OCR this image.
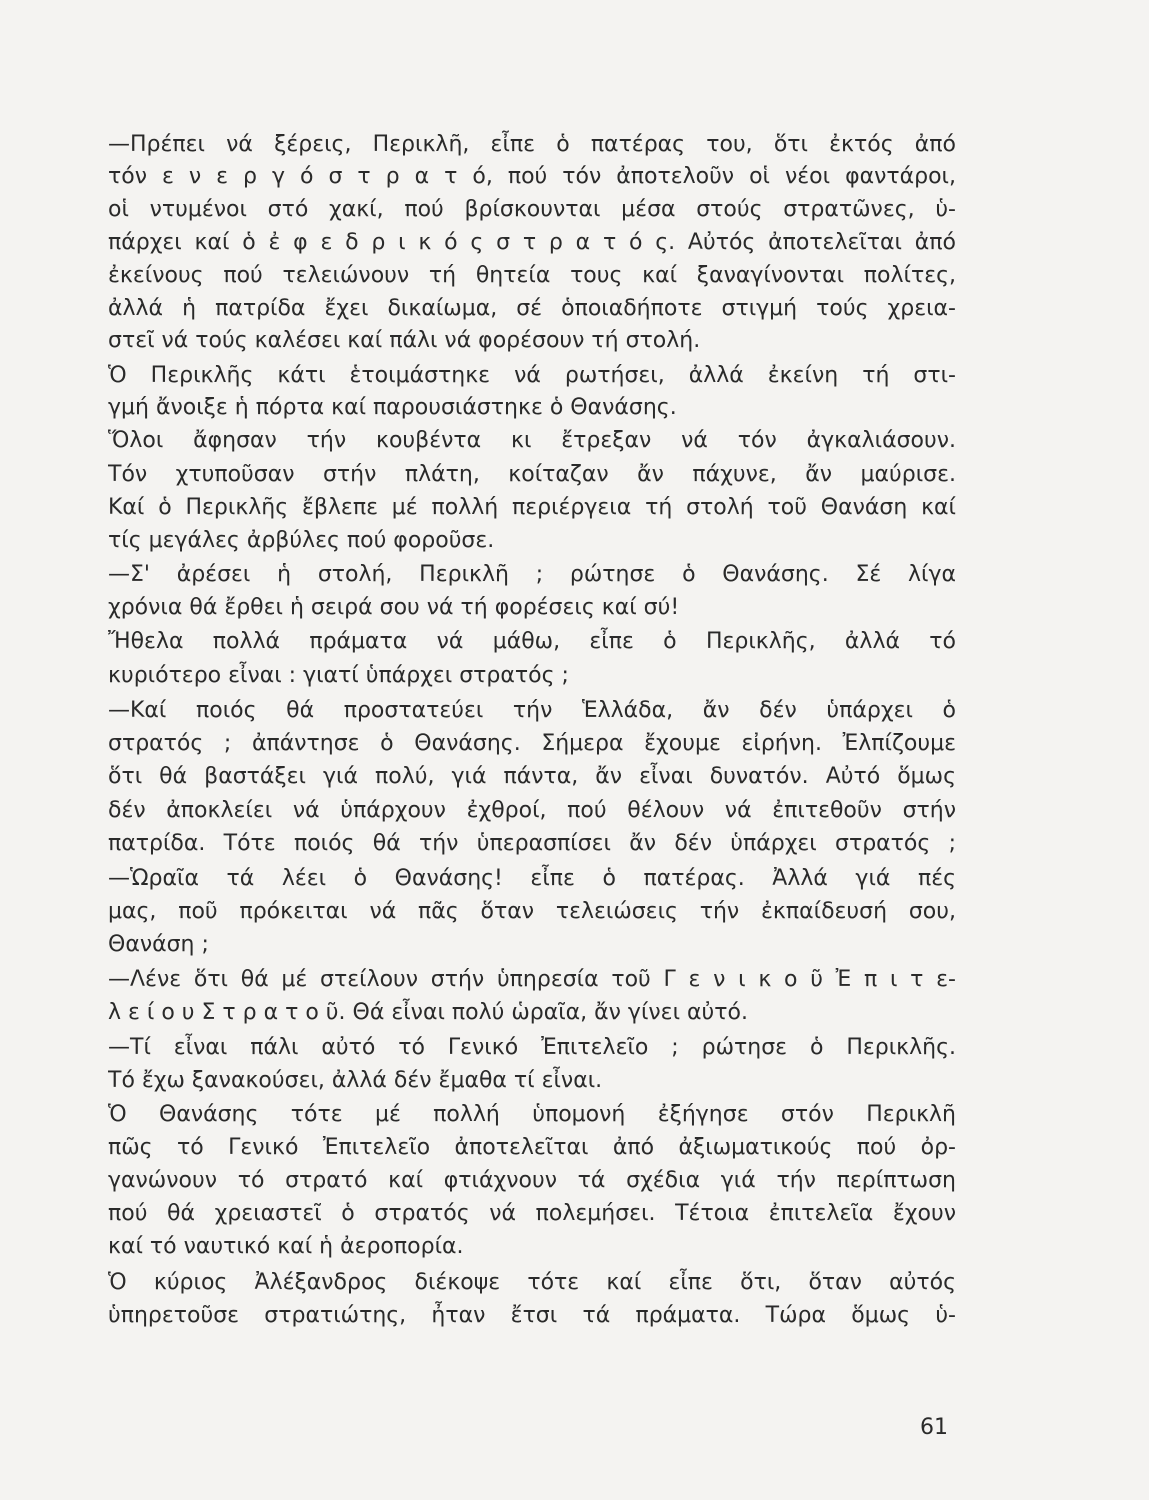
—Πρέπει νά ξέρεις, Περικλῆ, εἶπε ὁ πατέρας του, ὅτι ἐκτός ἀπό
τόν ε ν ε ρ γ ό σ τ ρ α τ ό, πού τόν ἀποτελοῦν οἱ νέοι φαντάροι,
οἱ ντυμένοι στό χακί, πού βρίσκουνται μέσα στούς στρατῶνες, ὑ-
πάρχει καί ὁ ἐ φ ε δ ρ ι κ ό ς σ τ ρ α τ ό ς. Αὐτός ἀποτελεῖται ἀπό
ἐκείνους πού τελειώνουν τή θητεία τους καί ξαναγίνονται πολίτες,
ἀλλά ἡ πατρίδα ἔχει δικαίωμα, σέ ὁποιαδήποτε στιγμή τούς χρεια-
στεῖ νά τούς καλέσει καί πάλι νά φορέσουν τή στολή.
Ὁ Περικλῆς κάτι ἑτοιμάστηκε νά ρωτήσει, ἀλλά ἐκείνη τή στι-
γμή ἄνοιξε ἡ πόρτα καί παρουσιάστηκε ὁ Θανάσης.
Ὅλοι ἄφησαν τήν κουβέντα κι ἔτρεξαν νά τόν ἀγκαλιάσουν.
Τόν χτυποῦσαν στήν πλάτη, κοίταζαν ἄν πάχυνε, ἄν μαύρισε.
Καί ὁ Περικλῆς ἔβλεπε μέ πολλή περιέργεια τή στολή τοῦ Θανάση καί
τίς μεγάλες ἀρβύλες πού φοροῦσε.
—Σ' ἀρέσει ἡ στολή, Περικλῆ ; ρώτησε ὁ Θανάσης. Σέ λίγα
χρόνια θά ἔρθει ἡ σειρά σου νά τή φορέσεις καί σύ!
Ἤθελα πολλά πράματα νά μάθω, εἶπε ὁ Περικλῆς, ἀλλά τό
κυριότερο εἶναι : γιατί ὑπάρχει στρατός ;
—Καί ποιός θά προστατεύει τήν Ἑλλάδα, ἄν δέν ὑπάρχει ὁ
στρατός ; ἀπάντησε ὁ Θανάσης. Σήμερα ἔχουμε εἰρήνη. Ἐλπίζουμε
ὅτι θά βαστάξει γιά πολύ, γιά πάντα, ἄν εἶναι δυνατόν. Αὐτό ὅμως
δέν ἀποκλείει νά ὑπάρχουν ἐχθροί, πού θέλουν νά ἐπιτεθοῦν στήν
πατρίδα. Τότε ποιός θά τήν ὑπερασπίσει ἄν δέν ὑπάρχει στρατός ;
—Ὡραῖα τά λέει ὁ Θανάσης! εἶπε ὁ πατέρας. Ἀλλά γιά πές
μας, ποῦ πρόκειται νά πᾶς ὅταν τελειώσεις τήν ἐκπαίδευσή σου,
Θανάση ;
—Λένε ὅτι θά μέ στείλουν στήν ὑπηρεσία τοῦ Γ ε ν ι κ ο ῦ Ἐ π ι τ ε-
λ ε ί ο υ Σ τ ρ α τ ο ῦ. Θά εἶναι πολύ ὡραῖα, ἄν γίνει αὐτό.
—Τί εἶναι πάλι αὐτό τό Γενικό Ἐπιτελεῖο ; ρώτησε ὁ Περικλῆς.
Τό ἔχω ξανακούσει, ἀλλά δέν ἔμαθα τί εἶναι.
Ὁ Θανάσης τότε μέ πολλή ὑπομονή ἐξήγησε στόν Περικλῆ
πῶς τό Γενικό Ἐπιτελεῖο ἀποτελεῖται ἀπό ἀξιωματικούς πού ὀρ-
γανώνουν τό στρατό καί φτιάχνουν τά σχέδια γιά τήν περίπτωση
πού θά χρειαστεῖ ὁ στρατός νά πολεμήσει. Τέτοια ἐπιτελεῖα ἔχουν
καί τό ναυτικό καί ἡ ἀεροπορία.
Ὁ κύριος Ἀλέξανδρος διέκοψε τότε καί εἶπε ὅτι, ὅταν αὐτός
ὑπηρετοῦσε στρατιώτης, ἦταν ἔτσι τά πράματα. Τώρα ὅμως ὑ-
61
